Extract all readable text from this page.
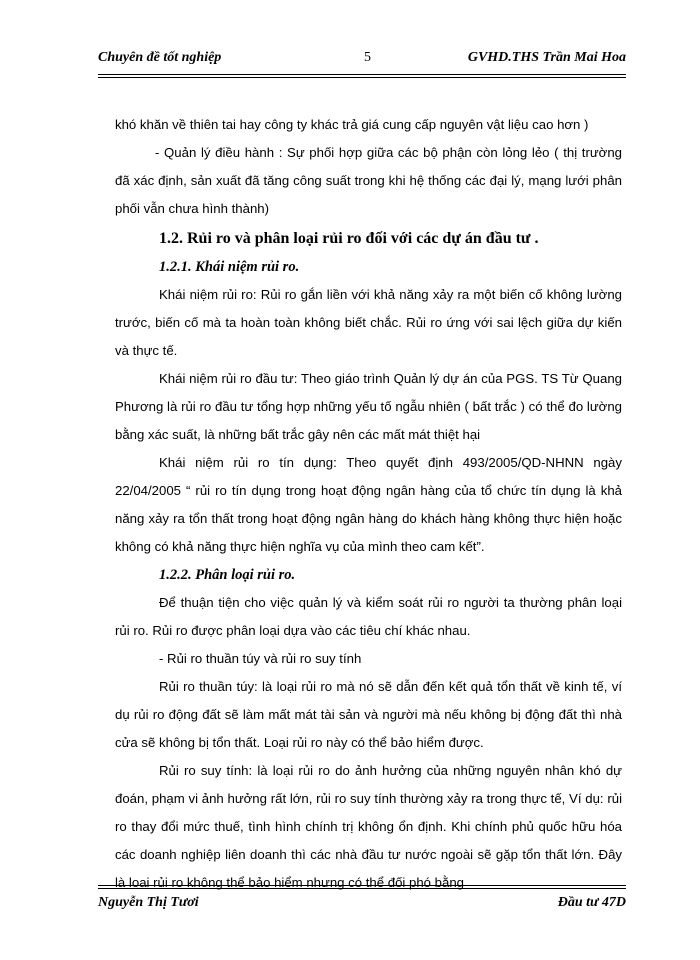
Chuyên đề tốt nghiệp	5	GVHD.THS Trần Mai Hoa

khó khăn về thiên tai hay công ty khác trả giá cung cấp nguyên vật liệu cao hơn )

- Quản lý điều hành : Sự phối hợp giữa các bộ phận còn lỏng lẻo ( thị trường đã xác định, sản xuất đã tăng công suất trong khi hệ thống các đại lý, mạng lưới phân phối vẫn chưa hình thành)

1.2. Rủi ro và phân loại rủi ro đối với các dự án đầu tư .

1.2.1. Khái niệm rủi ro.

Khái niệm rủi ro: Rủi ro gắn liền với khả năng xảy ra một biến cố không lường trước, biến cố mà ta hoàn toàn không biết chắc. Rủi ro ứng với sai lệch giữa dự kiến và thực tế.

Khái niệm rủi ro đầu tư: Theo giáo trình Quản lý dự án của PGS. TS Từ Quang Phương là rủi ro đầu tư tổng hợp những yếu tố ngẫu nhiên ( bất trắc ) có thể đo lường bằng xác suất, là những bất trắc gây nên các mất mát thiệt hại

Khái niệm rủi ro tín dụng: Theo quyết định 493/2005/QD-NHNN ngày 22/04/2005 “ rủi ro tín dụng trong hoạt động ngân hàng của tổ chức tín dụng là khả năng xảy ra tổn thất trong hoạt động ngân hàng do khách hàng không thực hiện hoặc không có khả năng thực hiện nghĩa vụ của mình theo cam kết”.

1.2.2. Phân loại rủi ro.

Để thuận tiện cho việc quản lý và kiểm soát rủi ro người ta thường phân loại rủi ro. Rủi ro được phân loại dựa vào các tiêu chí khác nhau.

- Rủi ro thuần túy và rủi ro suy tính

Rủi ro thuần túy: là loại rủi ro mà nó sẽ dẫn đến kết quả tổn thất về kinh tế, ví dụ rủi ro động đất sẽ làm mất mát tài sản và người mà nếu không bị động đất thì nhà cửa sẽ không bị tổn thất. Loại rủi ro này có thể bảo hiểm được.

Rủi ro suy tính: là loại rủi ro do ảnh hưởng của những nguyên nhân khó dự đoán, phạm vi ảnh hưởng rất lớn, rủi ro suy tính thường xảy ra trong thực tế, Ví dụ: rủi ro thay đổi mức thuế, tình hình chính trị không ổn định. Khi chính phủ quốc hữu hóa các doanh nghiệp liên doanh thì các nhà đầu tư nước ngoài sẽ gặp tổn thất lớn. Đây là loại rủi ro không thể bảo hiểm nhưng có thể đối phó bằng

Nguyễn Thị Tươi	Đầu tư 47D
